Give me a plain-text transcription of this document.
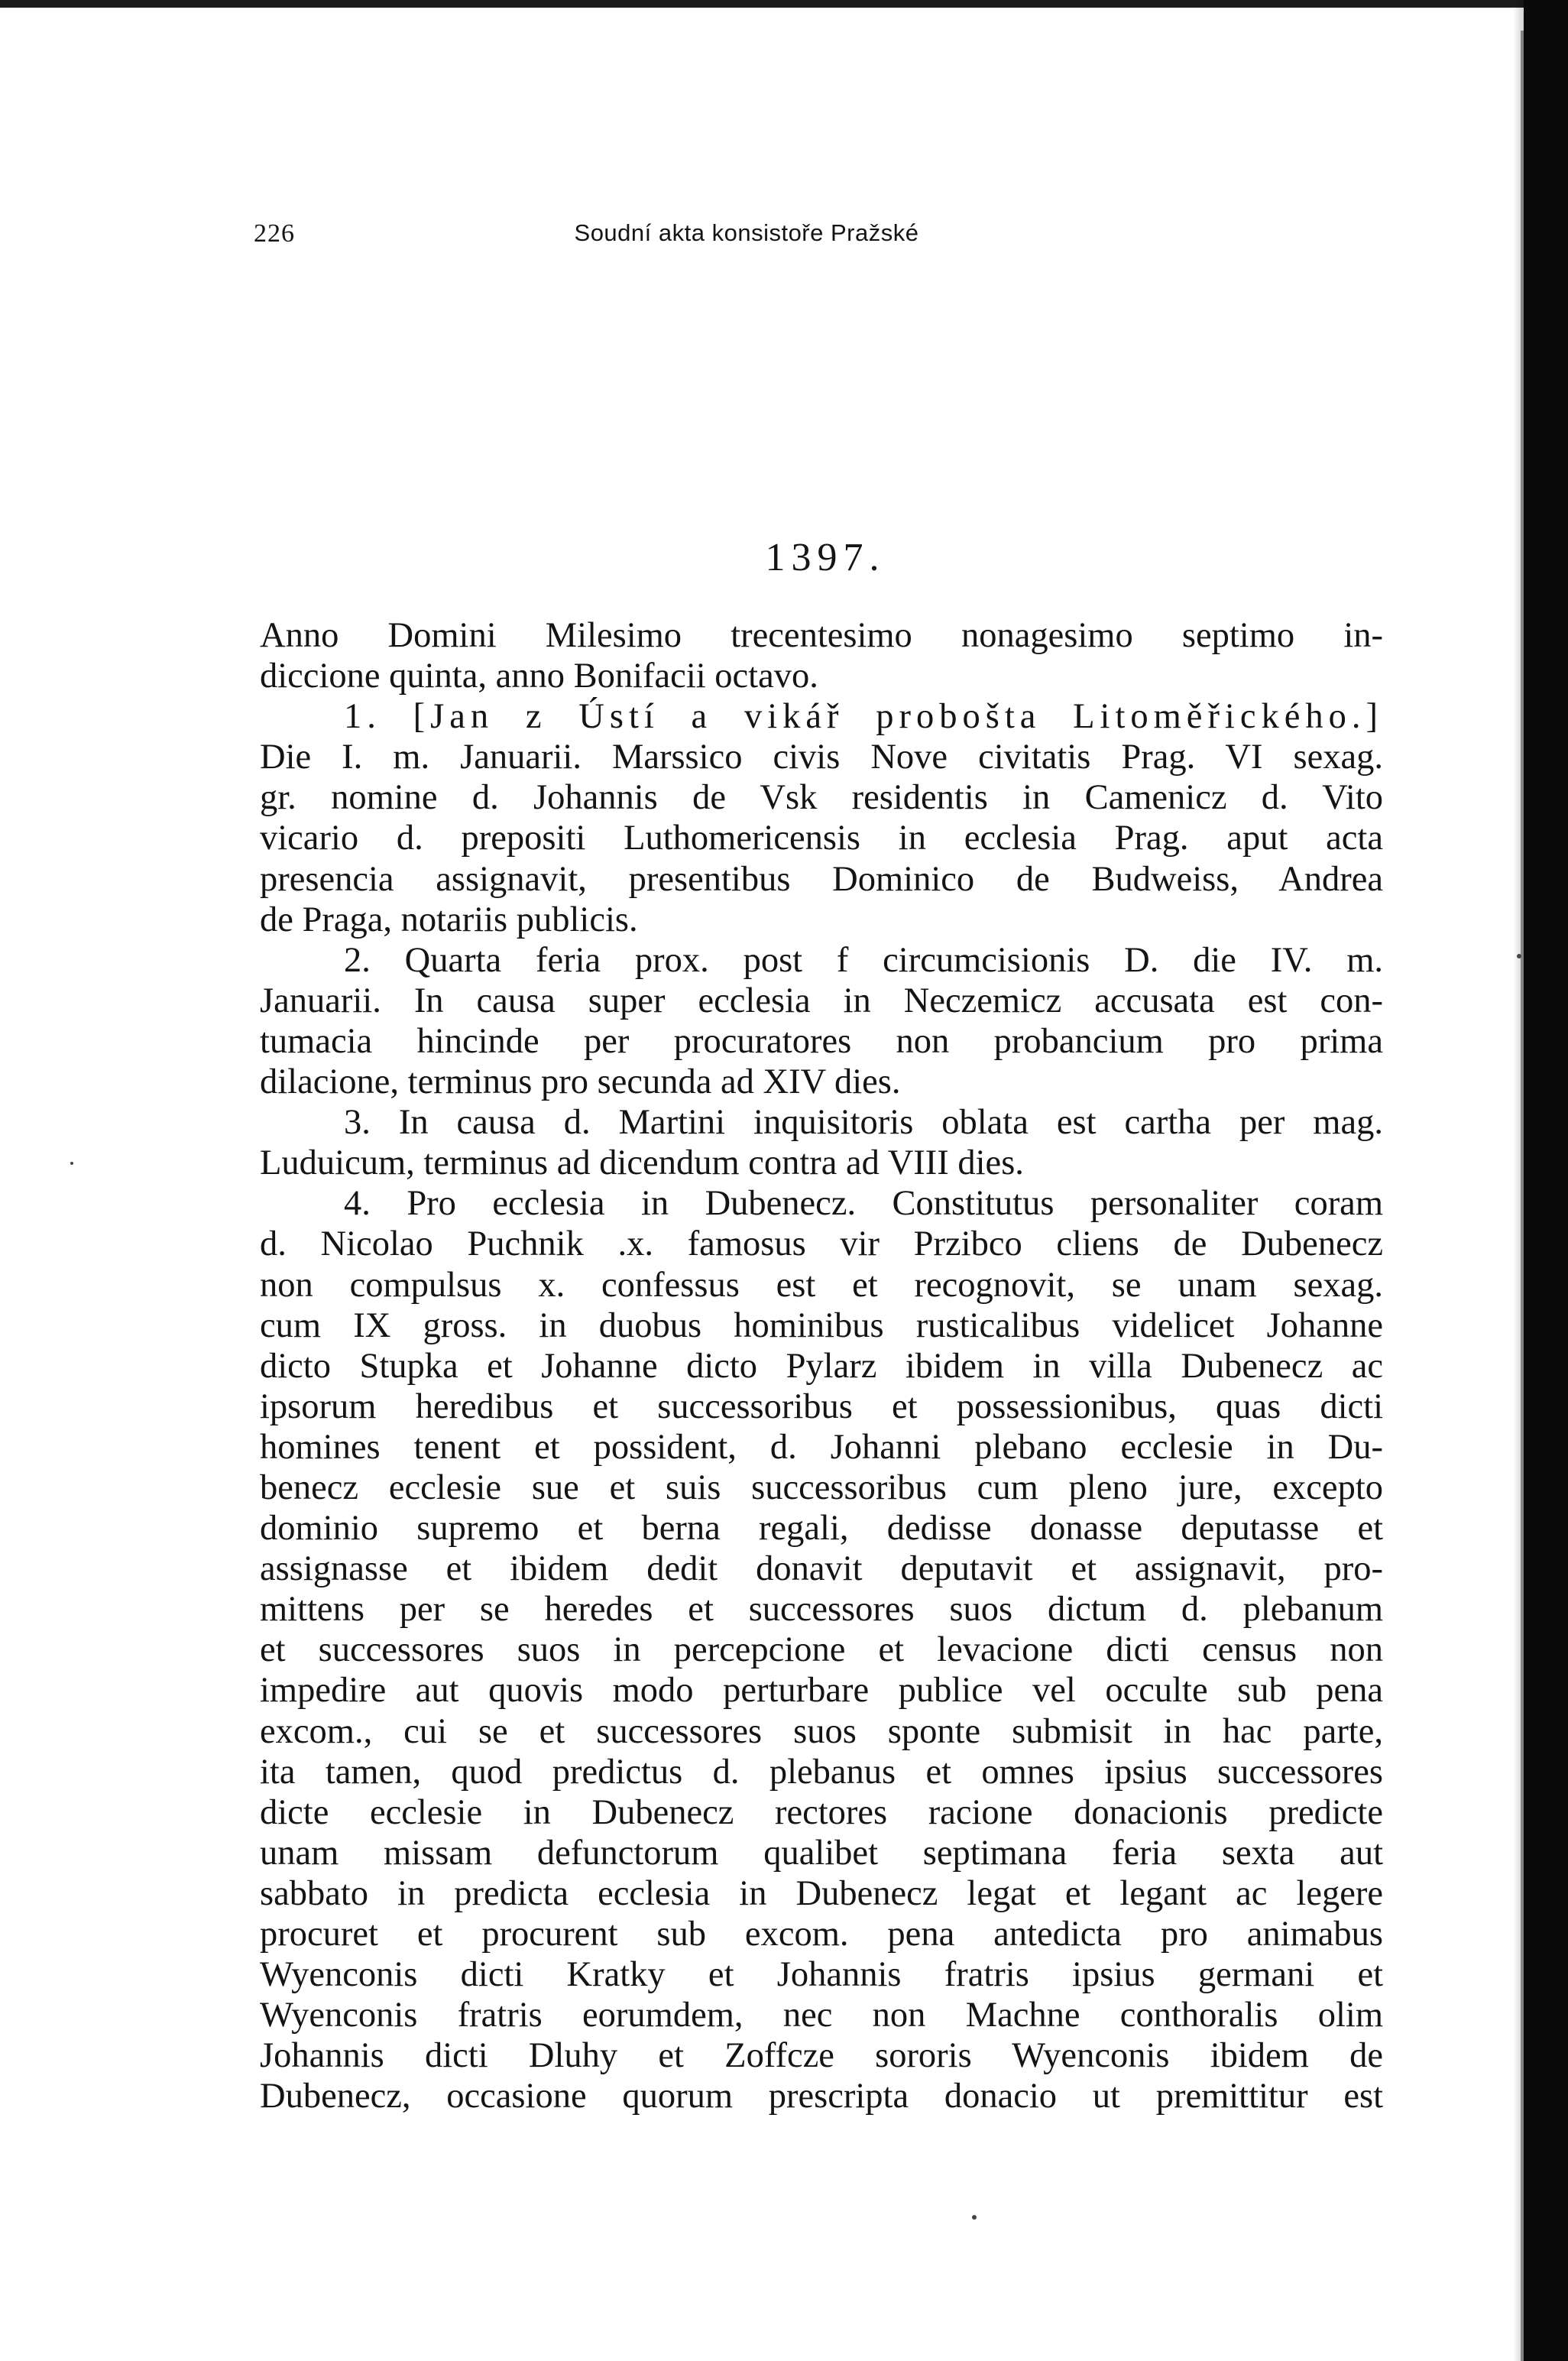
226	Soudní akta konsistoře Pražské
1397.
Anno Domini Milesimo trecentesimo nonagesimo septimo in-
diccione quinta, anno Bonifacii octavo.
1. [Jan z Ústí a vikář probošta Litoměřického.]
Die I. m. Januarii. Marssico civis Nove civitatis Prag. VI sexag.
gr. nomine d. Johannis de Vsk residentis in Camenicz d. Vito
vicario d. prepositi Luthomericensis in ecclesia Prag. aput acta
presencia assignavit, presentibus Dominico de Budweiss, Andrea
de Praga, notariis publicis.
2. Quarta feria prox. post f circumcisionis D. die IV. m.
Januarii. In causa super ecclesia in Neczemicz accusata est con-
tumacia hincinde per procuratores non probancium pro prima
dilacione, terminus pro secunda ad XIV dies.
3. In causa d. Martini inquisitoris oblata est cartha per mag.
Luduicum, terminus ad dicendum contra ad VIII dies.
4. Pro ecclesia in Dubenecz. Constitutus personaliter coram
d. Nicolao Puchnik .x. famosus vir Przibco cliens de Dubenecz
non compulsus x. confessus est et recognovit, se unam sexag.
cum IX gross. in duobus hominibus rusticalibus videlicet Johanne
dicto Stupka et Johanne dicto Pylarz ibidem in villa Dubenecz ac
ipsorum heredibus et successoribus et possessionibus, quas dicti
homines tenent et possident, d. Johanni plebano ecclesie in Du-
benecz ecclesie sue et suis successoribus cum pleno jure, excepto
dominio supremo et berna regali, dedisse donasse deputasse et
assignasse et ibidem dedit donavit deputavit et assignavit, pro-
mittens per se heredes et successores suos dictum d. plebanum
et successores suos in percepcione et levacione dicti census non
impedire aut quovis modo perturbare publice vel occulte sub pena
excom., cui se et successores suos sponte submisit in hac parte,
ita tamen, quod predictus d. plebanus et omnes ipsius successores
dicte ecclesie in Dubenecz rectores racione donacionis predicte
unam missam defunctorum qualibet septimana feria sexta aut
sabbato in predicta ecclesia in Dubenecz legat et legant ac legere
procuret et procurent sub excom. pena antedicta pro animabus
Wyenconis dicti Kratky et Johannis fratris ipsius germani et
Wyenconis fratris eorumdem, nec non Machne conthoralis olim
Johannis dicti Dluhy et Zoffcze sororis Wyenconis ibidem de
Dubenecz, occasione quorum prescripta donacio ut premittitur est
